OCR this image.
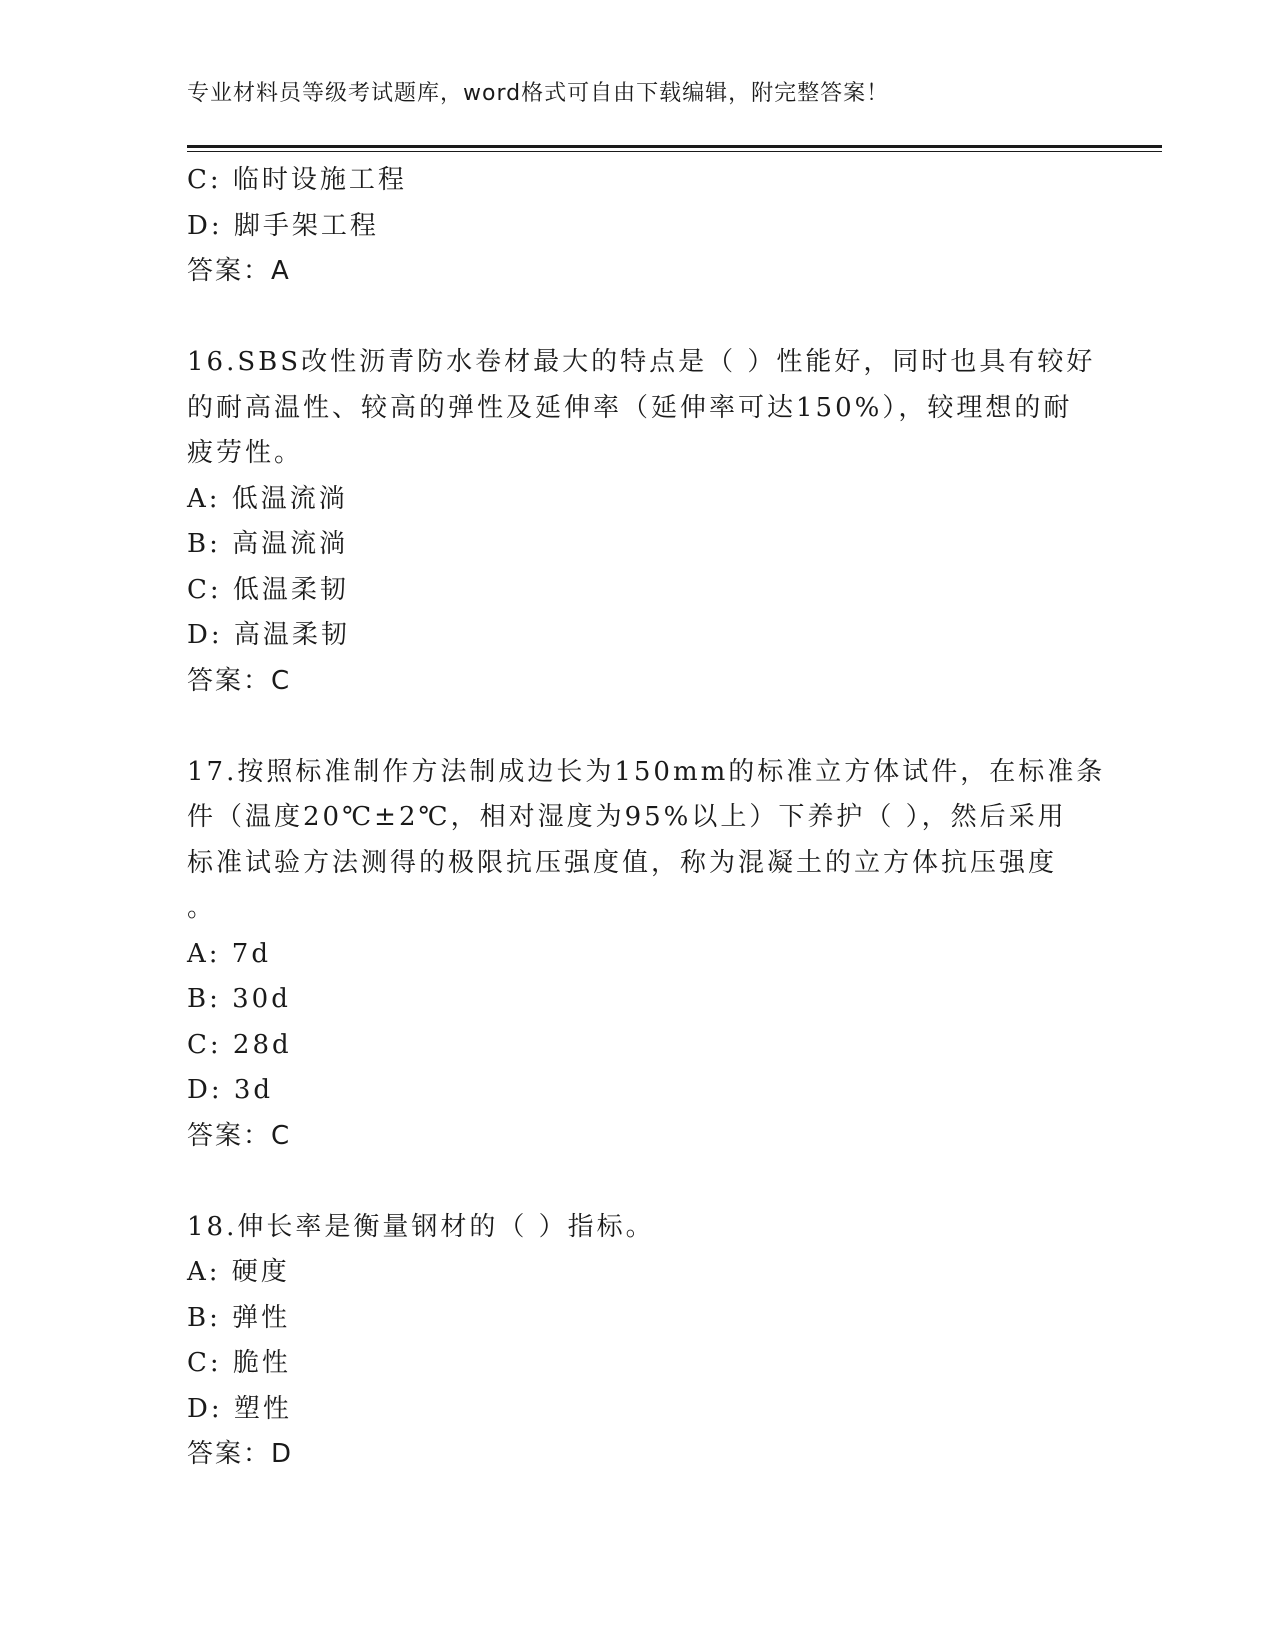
专业材料员等级考试题库，word格式可自由下载编辑，附完整答案！
C: 临时设施工程
D: 脚手架工程
答案：A
16.SBS改性沥青防水卷材最大的特点是（ ）性能好，同时也具有较好
的耐高温性、较高的弹性及延伸率（延伸率可达150%），较理想的耐
疲劳性。
A: 低温流淌
B: 高温流淌
C: 低温柔韧
D: 高温柔韧
答案：C
17.按照标准制作方法制成边长为150mm的标准立方体试件，在标准条
件（温度20℃±2℃，相对湿度为95%以上）下养护（ ），然后采用
标准试验方法测得的极限抗压强度值，称为混凝土的立方体抗压强度
。
A: 7d
B: 30d
C: 28d
D: 3d
答案：C
18.伸长率是衡量钢材的（ ）指标。
A: 硬度
B: 弹性
C: 脆性
D: 塑性
答案：D
